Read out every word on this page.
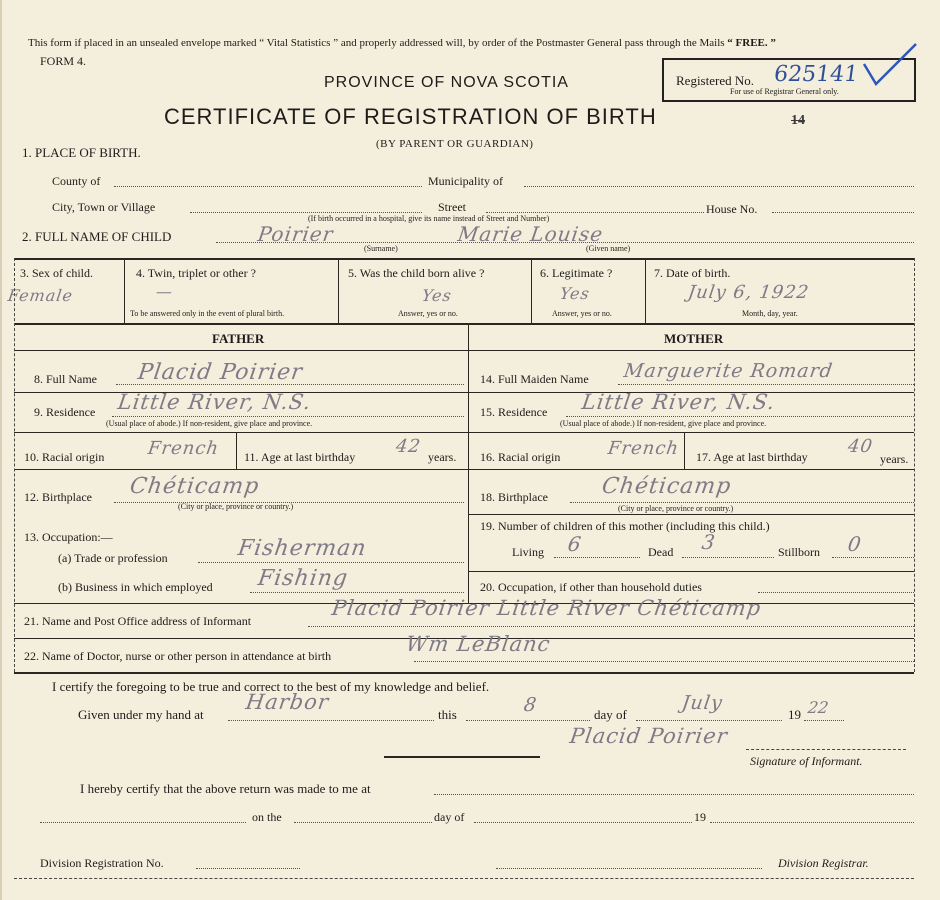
This form if placed in an unsealed envelope marked “ Vital Statistics ” and properly addressed will, by order of the Postmaster General pass through the Mails “ FREE. ”
FORM 4.
PROVINCE OF NOVA SCOTIA
CERTIFICATE OF REGISTRATION OF BIRTH	14
(BY PARENT OR GUARDIAN)
Registered No. 625141
For use of Registrar General only.
1. PLACE OF BIRTH.
County of	Municipality of
City, Town or Village	Street	House No.
(If birth occurred in a hospital, give its name instead of Street and Number)
2. FULL NAME OF CHILD	Poirier	Marie Louise
(Surname)	(Given name)
3. Sex of child.
Female
4. Twin, triplet or other ?
—
To be answered only in the event of plural birth.
5. Was the child born alive ?
Yes
Answer, yes or no.
6. Legitimate ?
Yes
Answer, yes or no.
7. Date of birth.
July 6, 1922
Month, day, year.
FATHER	MOTHER
8. Full Name Placid Poirier	14. Full Maiden Name Marguerite Romard
9. Residence Little River, N.S.
(Usual place of abode.) If non-resident, give place and province.
15. Residence Little River, N.S.
(Usual place of abode.) If non-resident, give place and province.
10. Racial origin French 11. Age at last birthday 42 years. 16. Racial origin	French 17. Age at last birthday 40
years.
12. Birthplace Chéticamp
(City or place, province or country.)
18. Birthplace Chéticamp
(City or place, province or country.)
13. Occupation:—
(a) Trade or profession	Fisherman
(b) Business in which employed Fishing
19. Number of children of this mother (including this child.)
Living 6	Dead 3	Stillborn 0
20. Occupation, if other than household duties
21. Name and Post Office address of Informant
Placid Poirier Little River Chéticamp
22. Name of Doctor, nurse or other person in attendance at birth	Wm LeBlanc
I certify the foregoing to be true and correct to the best of my knowledge and belief.
Given under my hand at
Harbor
this	8	day of
July
19 22
Placid Poirier
Signature of Informant.
I hereby certify that the above return was made to me at
on the	day of	19
Division Registration No.	Division Registrar.
